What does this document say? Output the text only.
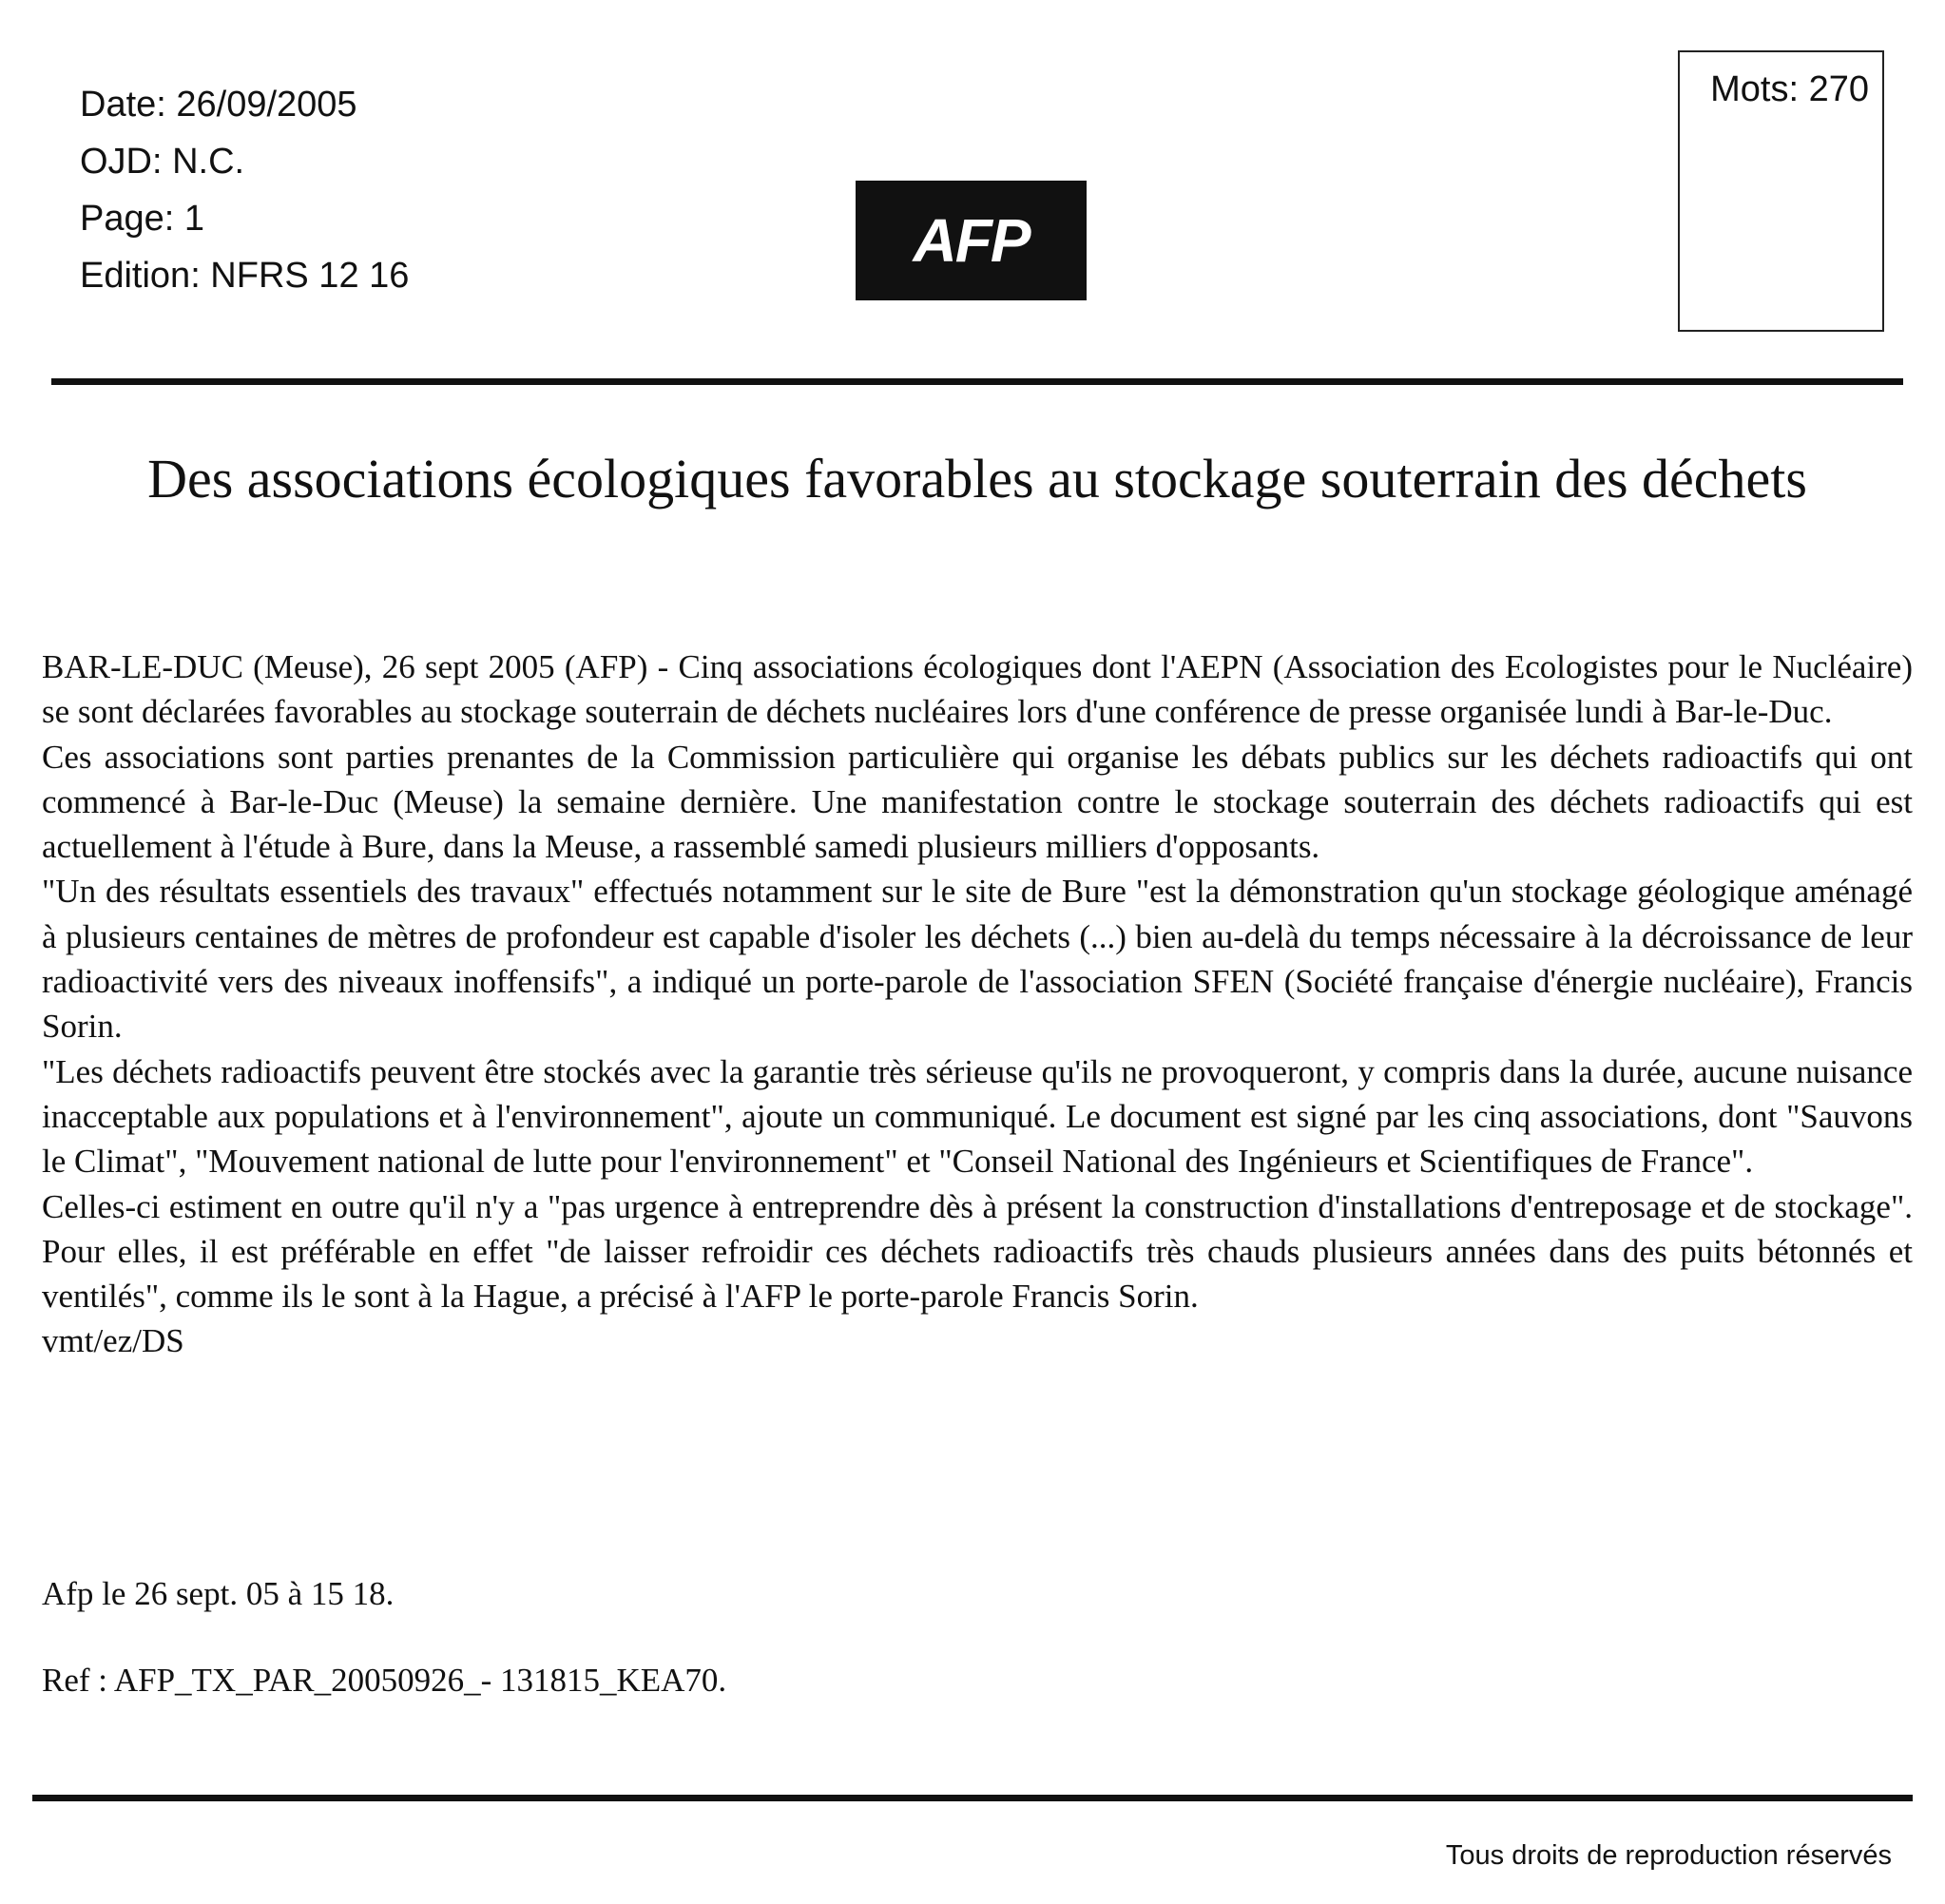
Date: 26/09/2005
OJD: N.C.
Page: 1
Edition: NFRS 12 16
AFP
Mots: 270
Des associations écologiques favorables au stockage souterrain des déchets

BAR-LE-DUC (Meuse), 26 sept 2005 (AFP) - Cinq associations écologiques dont l'AEPN (Association des Ecologistes pour le Nucléaire) se sont déclarées favorables au stockage souterrain de déchets nucléaires lors d'une conférence de presse organisée lundi à Bar-le-Duc.

Ces associations sont parties prenantes de la Commission particulière qui organise les débats publics sur les déchets radioactifs qui ont commencé à Bar-le-Duc (Meuse) la semaine dernière. Une manifestation contre le stockage souterrain des déchets radioactifs qui est actuellement à l'étude à Bure, dans la Meuse, a rassemblé samedi plusieurs milliers d'opposants.

"Un des résultats essentiels des travaux" effectués notamment sur le site de Bure "est la démonstration qu'un stockage géologique aménagé à plusieurs centaines de mètres de profondeur est capable d'isoler les déchets (...) bien au-delà du temps nécessaire à la décroissance de leur radioactivité vers des niveaux inoffensifs", a indiqué un porte-parole de l'association SFEN (Société française d'énergie nucléaire), Francis Sorin.

"Les déchets radioactifs peuvent être stockés avec la garantie très sérieuse qu'ils ne provoqueront, y compris dans la durée, aucune nuisance inacceptable aux populations et à l'environnement", ajoute un communiqué. Le document est signé par les cinq associations, dont "Sauvons le Climat", "Mouvement national de lutte pour l'environnement" et "Conseil National des Ingénieurs et Scientifiques de France".

Celles-ci estiment en outre qu'il n'y a "pas urgence à entreprendre dès à présent la construction d'installations d'entreposage et de stockage". Pour elles, il est préférable en effet "de laisser refroidir ces déchets radioactifs très chauds plusieurs années dans des puits bétonnés et ventilés", comme ils le sont à la Hague, a précisé à l'AFP le porte-parole Francis Sorin.

vmt/ez/DS

Afp le 26 sept. 05 à 15 18.
Ref : AFP_TX_PAR_20050926_- 131815_KEA70.
Tous droits de reproduction réservés
